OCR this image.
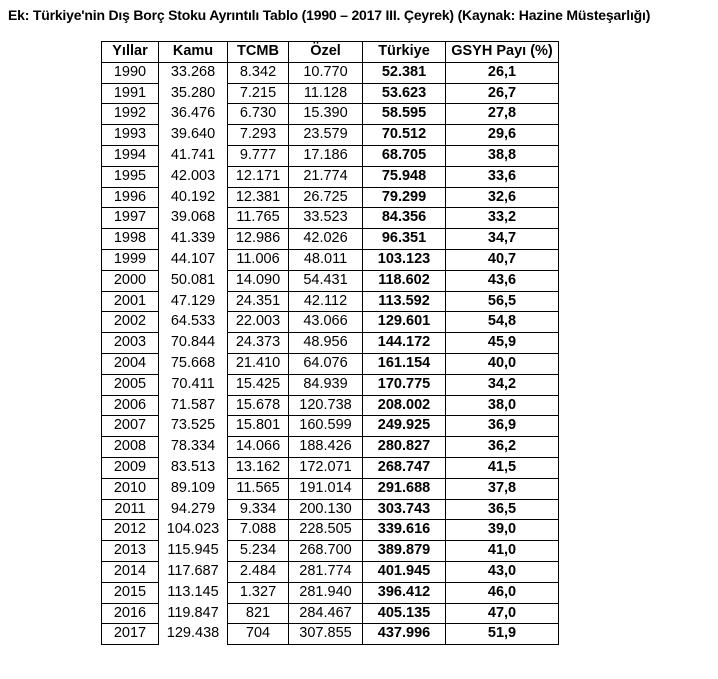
Ek: Türkiye'nin Dış Borç Stoku Ayrıntılı Tablo (1990 – 2017 III. Çeyrek) (Kaynak: Hazine Müsteşarlığı)
Yıllar	Kamu	TCMB	Özel	Türkiye	GSYH Payı (%)
1990	33.268	8.342	10.770	52.381	26,1
1991	35.280	7.215	11.128	53.623	26,7
1992	36.476	6.730	15.390	58.595	27,8
1993	39.640	7.293	23.579	70.512	29,6
1994	41.741	9.777	17.186	68.705	38,8
1995	42.003	12.171	21.774	75.948	33,6
1996	40.192	12.381	26.725	79.299	32,6
1997	39.068	11.765	33.523	84.356	33,2
1998	41.339	12.986	42.026	96.351	34,7
1999	44.107	11.006	48.011	103.123	40,7
2000	50.081	14.090	54.431	118.602	43,6
2001	47.129	24.351	42.112	113.592	56,5
2002	64.533	22.003	43.066	129.601	54,8
2003	70.844	24.373	48.956	144.172	45,9
2004	75.668	21.410	64.076	161.154	40,0
2005	70.411	15.425	84.939	170.775	34,2
2006	71.587	15.678	120.738	208.002	38,0
2007	73.525	15.801	160.599	249.925	36,9
2008	78.334	14.066	188.426	280.827	36,2
2009	83.513	13.162	172.071	268.747	41,5
2010	89.109	11.565	191.014	291.688	37,8
2011	94.279	9.334	200.130	303.743	36,5
2012	104.023	7.088	228.505	339.616	39,0
2013	115.945	5.234	268.700	389.879	41,0
2014	117.687	2.484	281.774	401.945	43,0
2015	113.145	1.327	281.940	396.412	46,0
2016	119.847	821	284.467	405.135	47,0
2017	129.438	704	307.855	437.996	51,9
